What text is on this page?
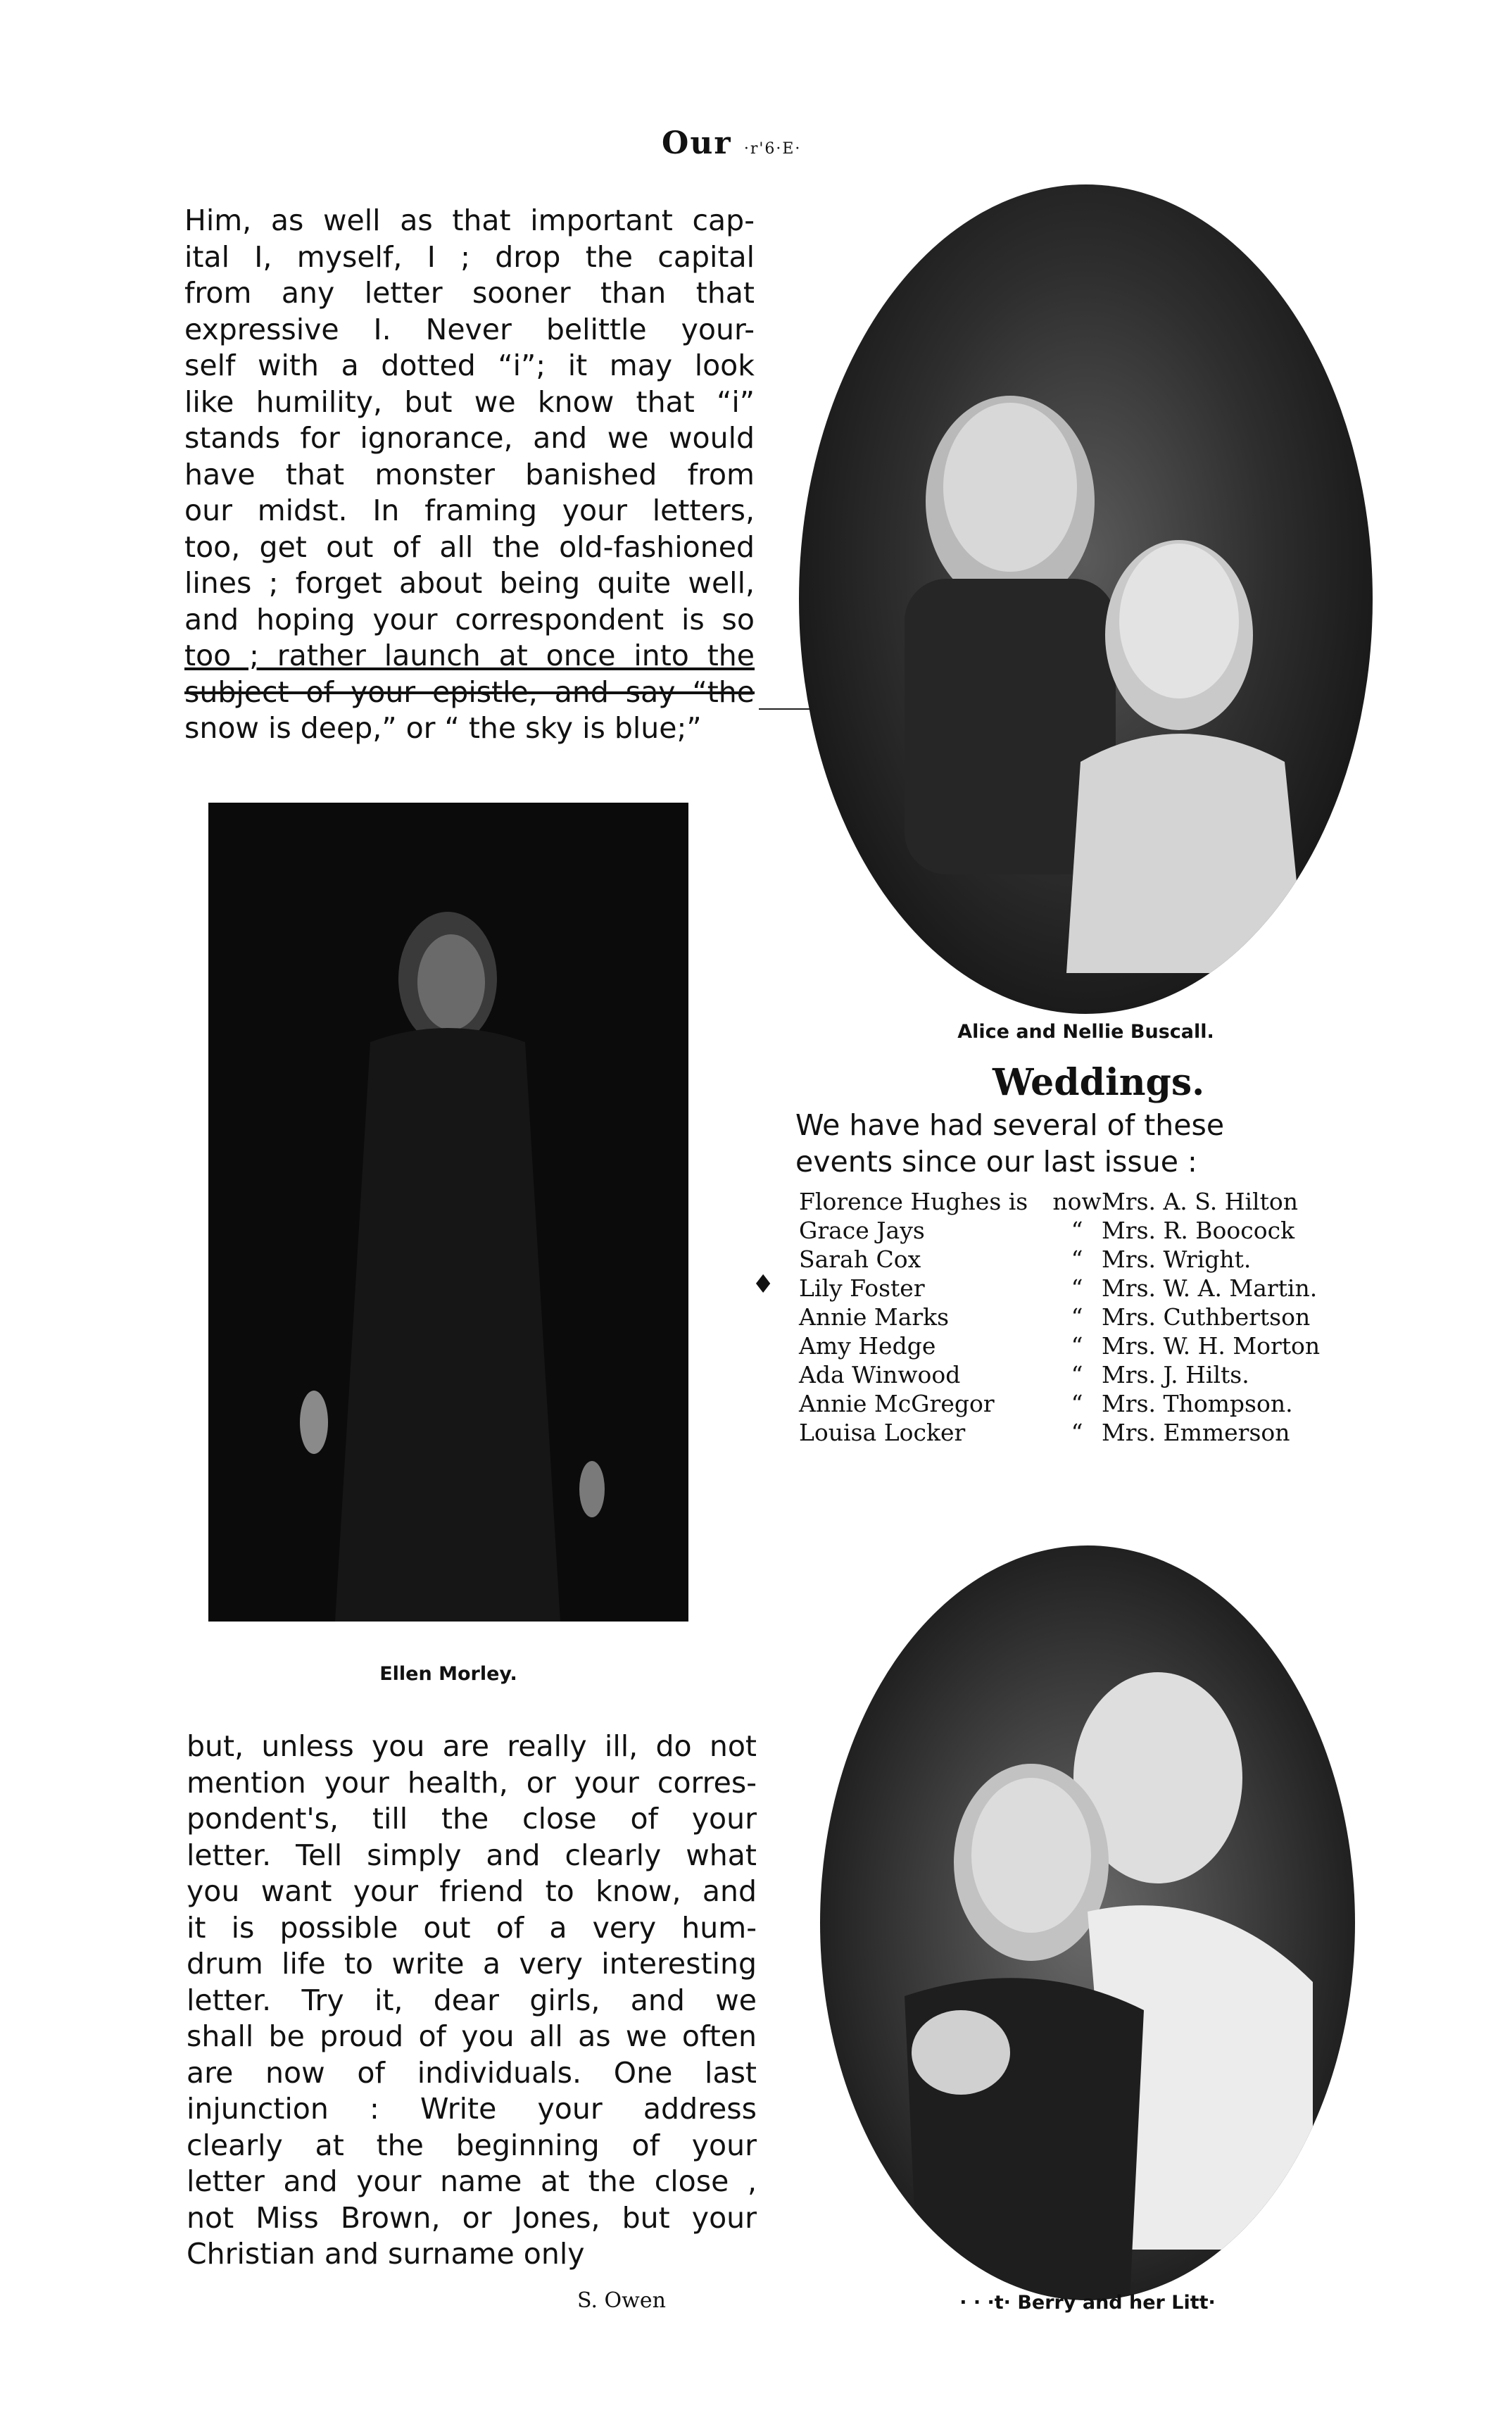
Our ·r'6·E·
Him, as well as that important cap-
ital I, myself, I ; drop the capital
from any letter sooner than that
expressive I. Never belittle your-
self with a dotted “i”; it may look
like humility, but we know that “i”
stands for ignorance, and we would
have that monster banished from
our midst. In framing your letters,
too, get out of all the old-fashioned
lines ; forget about being quite well,
and hoping your correspondent is so
too ; rather launch at once into the
subject of your epistle, and say “the
snow is deep,” or “ the sky is blue;”
Alice and Nellie Buscall.
Ellen Morley.
Weddings.
We have had several of these
events since our last issue :
Florence Hughes is	now Mrs. A. S. Hilton
Grace Jays	“ Mrs. R. Boocock
Sarah Cox	“ Mrs. Wright.
Lily Foster	“ Mrs. W. A. Martin.
Annie Marks	“ Mrs. Cuthbertson
Amy Hedge	“ Mrs. W. H. Morton
Ada Winwood	“ Mrs. J. Hilts.
Annie McGregor	“ Mrs. Thompson.
Louisa Locker	“ Mrs. Emmerson
♦
but, unless you are really ill, do not
mention your health, or your corres-
pondent's, till the close of your
letter. Tell simply and clearly what
you want your friend to know, and
it is possible out of a very hum-
drum life to write a very interesting
letter. Try it, dear girls, and we
shall be proud of you all as we often
are now of individuals. One last
injunction : Write your address
clearly at the beginning of your
letter and your name at the close ,
not Miss Brown, or Jones, but your
Christian and surname only
S. Owen	· · ·t· Berry and her Litt·
